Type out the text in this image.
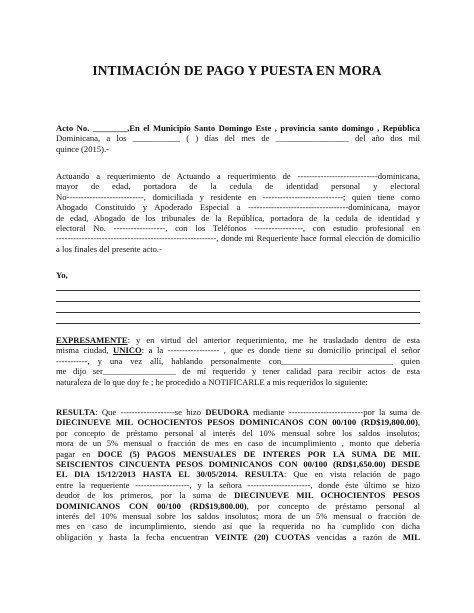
INTIMACIÓN DE PAGO Y PUESTA EN MORA
Acto No. ________,En el Municipio Santo Domingo Este , provincia santo domingo , República
Dominicana, a los ___________ ( ) días del mes de _________________ del año dos mil
quince (2015).-
Actuando a requerimiento de Actuando a requerimiento de ----------------------------dominicana,
mayor de edad, portadora de la cedula de identidad personal y electoral
No---------------------------, domiciliada y residente en ----------------------------; quien tiene como
Abogado Constituido y Apoderado Especial a -----------------------------------dominicana, mayor
de edad, Abogado de los tribunales de la República, portadora de la cedula de identidad y
electoral No. ------------------, con los Teléfonos -----------------, con estudio profesional en
--------------------------------------------------------, donde mi Requeriente hace formal elección de domicilio
a los finales del presente acto.-
Yo,
EXPRESAMENTE: y en virtud del anterior requerimiento, me he trasladado dentro de esta
misma ciudad, UNICO: a la ------------------ , que es donde tiene su domicilio principal el señor
-----------, y una vez allí, hablando personalmente con__________________________ quien
me dijo ser_________________ de mí requerido y tener calidad para recibir actos de esta
naturaleza de lo que doy fe ; he procedido a NOTIFICARLE a mis requeridos lo siguiente:
RESULTA: Que -------------------se hizo DEUDORA mediante --------------------------por la suma de
DIECINUEVE MIL OCHOCIENTOS PESOS DOMINICANOS CON 00/100 (RD$19,800.00),
por concepto de préstamo personal al interés del 10% mensual sobre los saldos insolutos;
mora de un 5% mensual o fracción de mes en caso de incumplimiento , monto que debería
pagar en DOCE (5) PAGOS MENSUALES DE INTERES POR LA SUMA DE MIL
SEISCIENTOS CINCUENTA PESOS DOMINICANOS CON 00/100 (RD$1,650.00) DESDE
EL DIA 15/12/2013 HASTA EL 30/05/2014. RESULTA: Que en vista relación de pago
entre la requeriente -------------------, y la señora ----------------------, donde éste último se hizo
deudor de los primeros, por la suma de DIECINUEVE MIL OCHOCIENTOS PESOS
DOMINICANOS CON 00/100 (RD$19,800.00), por concepto de préstamo personal al
interés del 10% mensual sobre los saldos insolutos; mora de un 5% mensual o fracción de
mes en caso de incumplimiento, siendo así que la requerida no ha cumplido con dicha
obligación y hasta la fecha encuentran VEINTE (20) CUOTAS vencidas a razón de MIL
